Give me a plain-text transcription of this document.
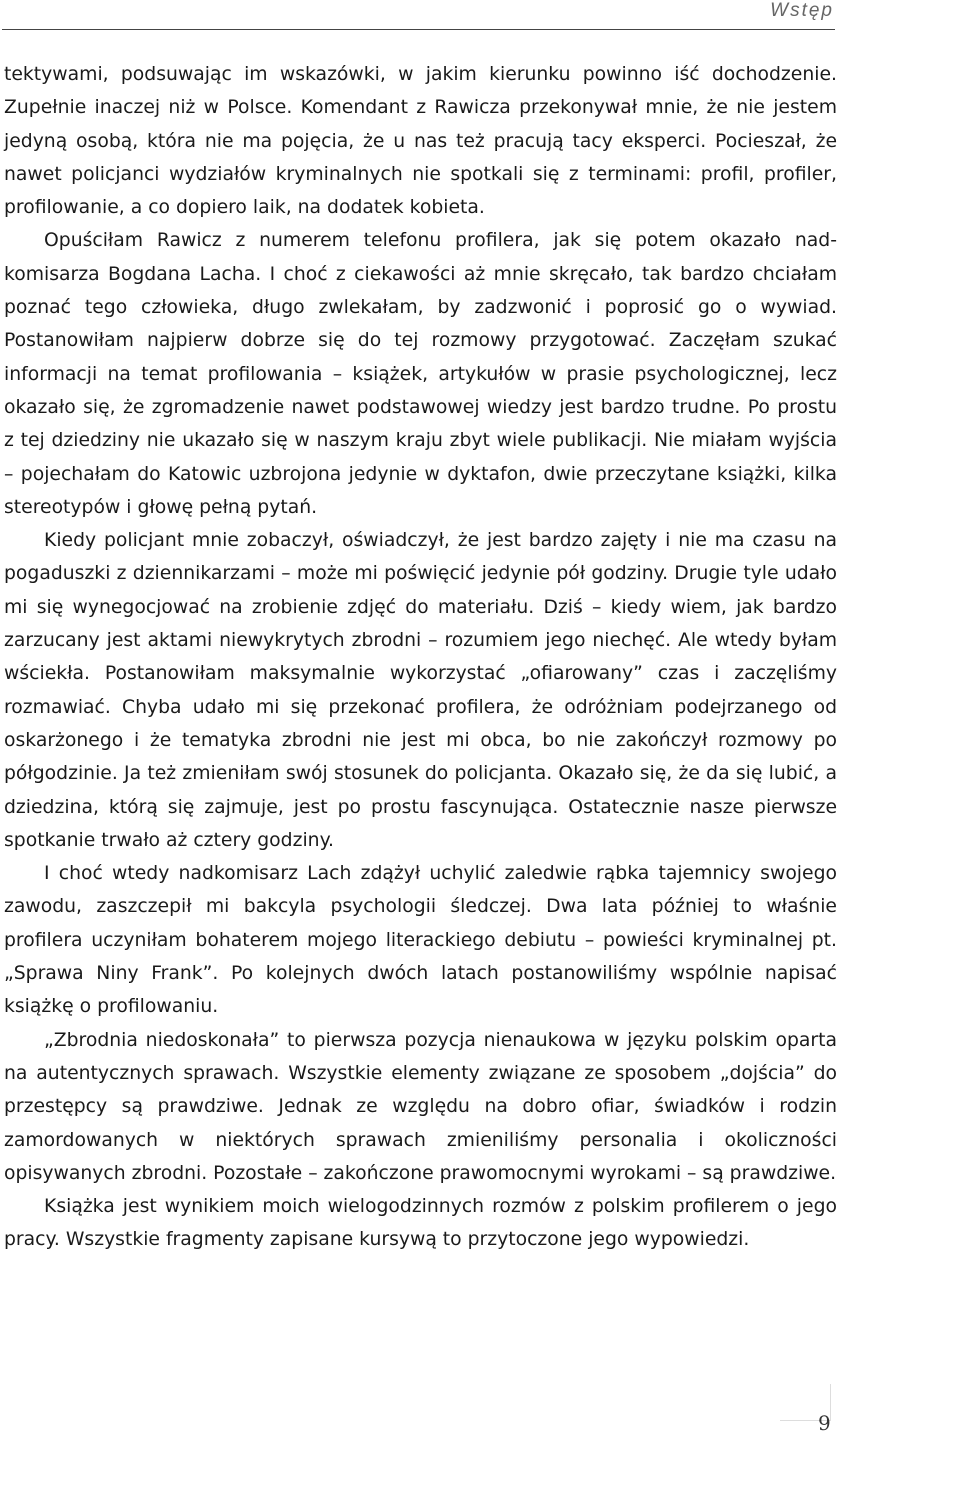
Wstęp

tektywami, podsuwając im wskazówki, w jakim kierunku powinno iść dochodzenie. Zupełnie inaczej niż w Polsce. Komendant z Rawicza przekonywał mnie, że nie jestem jedyną osobą, która nie ma pojęcia, że u nas też pracują tacy eksperci. Pocieszał, że nawet policjanci wydziałów kryminalnych nie spotkali się z terminami: profil, profiler, profilowanie, a co dopiero laik, na dodatek kobieta.

Opuściłam Rawicz z numerem telefonu profilera, jak się potem okazało nadkomisarza Bogdana Lacha. I choć z ciekawości aż mnie skręcało, tak bardzo chciałam poznać tego człowieka, długo zwlekałam, by zadzwonić i poprosić go o wywiad. Postanowiłam najpierw dobrze się do tej rozmowy przygotować. Zaczęłam szukać informacji na temat profilowania – książek, artykułów w prasie psychologicznej, lecz okazało się, że zgromadzenie nawet podstawowej wiedzy jest bardzo trudne. Po prostu z tej dziedziny nie ukazało się w naszym kraju zbyt wiele publikacji. Nie miałam wyjścia – pojechałam do Katowic uzbrojona jedynie w dyktafon, dwie przeczytane książki, kilka stereotypów i głowę pełną pytań.

Kiedy policjant mnie zobaczył, oświadczył, że jest bardzo zajęty i nie ma czasu na pogaduszki z dziennikarzami – może mi poświęcić jedynie pół godziny. Drugie tyle udało mi się wynegocjować na zrobienie zdjęć do materiału. Dziś – kiedy wiem, jak bardzo zarzucany jest aktami niewykrytych zbrodni – rozumiem jego niechęć. Ale wtedy byłam wściekła. Postanowiłam maksymalnie wykorzystać „ofiarowany” czas i zaczęliśmy rozmawiać. Chyba udało mi się przekonać profilera, że odróżniam podejrzanego od oskarżonego i że tematyka zbrodni nie jest mi obca, bo nie zakończył rozmowy po półgodzinie. Ja też zmieniłam swój stosunek do policjanta. Okazało się, że da się lubić, a dziedzina, którą się zajmuje, jest po prostu fascynująca. Ostatecznie nasze pierwsze spotkanie trwało aż cztery godziny.

I choć wtedy nadkomisarz Lach zdążył uchylić zaledwie rąbka tajemnicy swojego zawodu, zaszczepił mi bakcyla psychologii śledczej. Dwa lata później to właśnie profilera uczyniłam bohaterem mojego literackiego debiutu – powieści kryminalnej pt. „Sprawa Niny Frank”. Po kolejnych dwóch latach postanowiliśmy wspólnie napisać książkę o profilowaniu.

„Zbrodnia niedoskonała” to pierwsza pozycja nienaukowa w języku polskim oparta na autentycznych sprawach. Wszystkie elementy związane ze sposobem „dojścia” do przestępcy są prawdziwe. Jednak ze względu na dobro ofiar, świadków i rodzin zamordowanych w niektórych sprawach zmieniliśmy personalia i okoliczności opisywanych zbrodni. Pozostałe – zakończone prawomocnymi wyrokami – są prawdziwe.

Książka jest wynikiem moich wielogodzinnych rozmów z polskim profilerem o jego pracy. Wszystkie fragmenty zapisane kursywą to przytoczone jego wypowiedzi.

9
